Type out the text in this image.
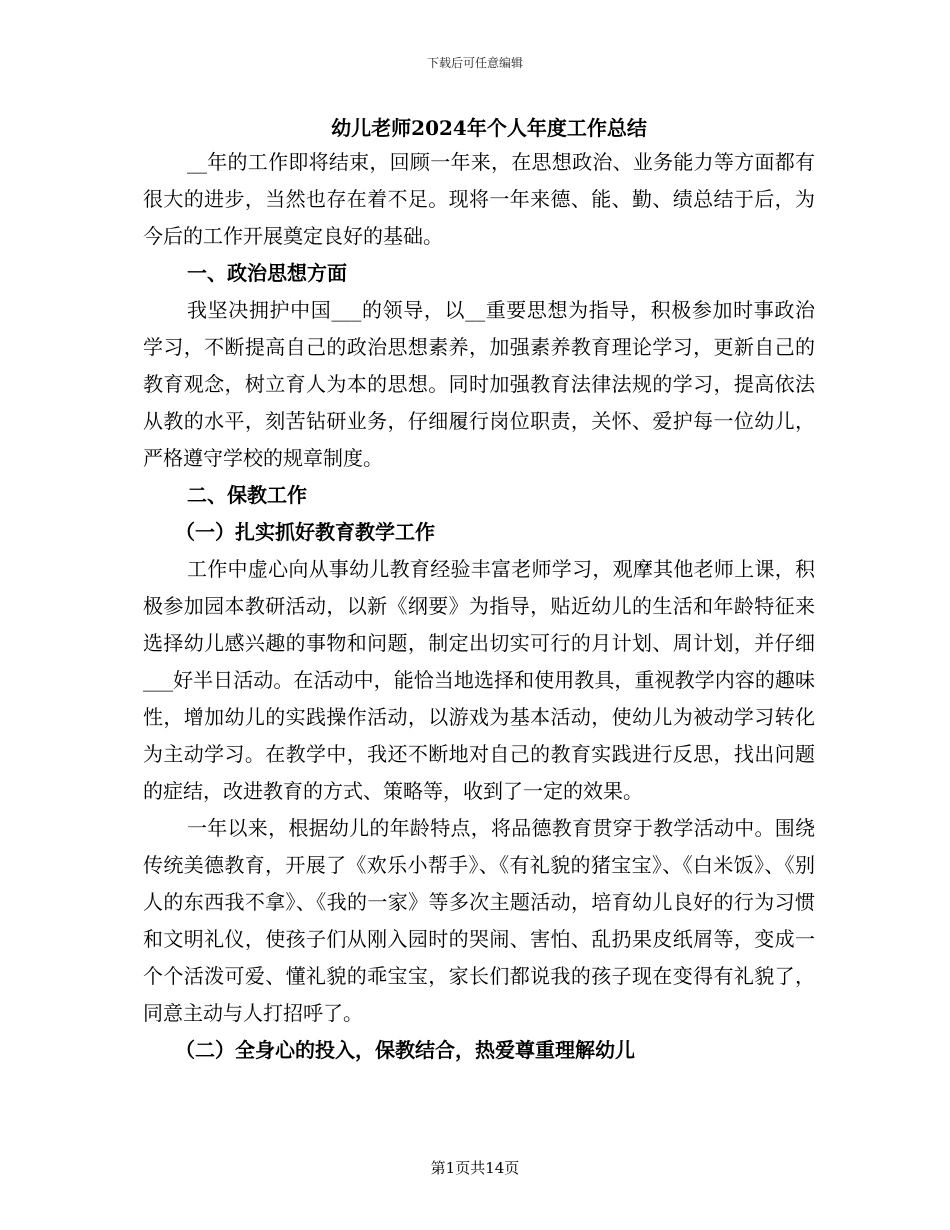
下载后可任意编辑

幼儿老师2024年个人年度工作总结

__年的工作即将结束，回顾一年来，在思想政治、业务能力等方面都有很大的进步，当然也存在着不足。现将一年来德、能、勤、绩总结于后，为今后的工作开展奠定良好的基础。

一、政治思想方面

我坚决拥护中国___的领导，以__重要思想为指导，积极参加时事政治学习，不断提高自己的政治思想素养，加强素养教育理论学习，更新自己的教育观念，树立育人为本的思想。同时加强教育法律法规的学习，提高依法从教的水平，刻苦钻研业务，仔细履行岗位职责，关怀、爱护每一位幼儿，严格遵守学校的规章制度。

二、保教工作

（一）扎实抓好教育教学工作

工作中虚心向从事幼儿教育经验丰富老师学习，观摩其他老师上课，积极参加园本教研活动，以新《纲要》为指导，贴近幼儿的生活和年龄特征来选择幼儿感兴趣的事物和问题，制定出切实可行的月计划、周计划，并仔细___好半日活动。在活动中，能恰当地选择和使用教具，重视教学内容的趣味性，增加幼儿的实践操作活动，以游戏为基本活动，使幼儿为被动学习转化为主动学习。在教学中，我还不断地对自己的教育实践进行反思，找出问题的症结，改进教育的方式、策略等，收到了一定的效果。

一年以来，根据幼儿的年龄特点，将品德教育贯穿于教学活动中。围绕传统美德教育，开展了《欢乐小帮手》、《有礼貌的猪宝宝》、《白米饭》、《别人的东西我不拿》、《我的一家》等多次主题活动，培育幼儿良好的行为习惯和文明礼仪，使孩子们从刚入园时的哭闹、害怕、乱扔果皮纸屑等，变成一个个活泼可爱、懂礼貌的乖宝宝，家长们都说我的孩子现在变得有礼貌了，同意主动与人打招呼了。

（二）全身心的投入，保教结合，热爱尊重理解幼儿

第1页共14页
